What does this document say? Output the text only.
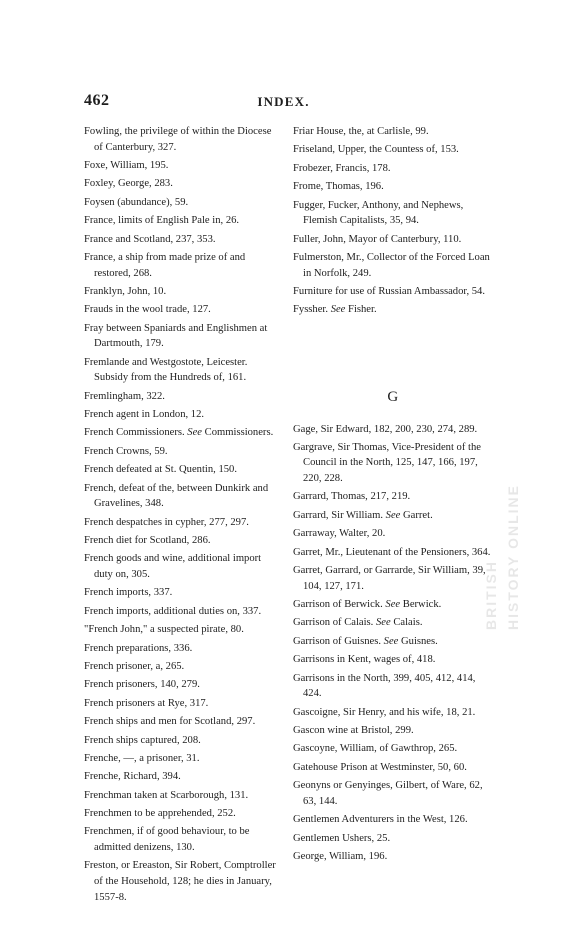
462	INDEX.
Fowling, the privilege of within the Diocese of Canterbury, 327.
Foxe, William, 195.
Foxley, George, 283.
Foysen (abundance), 59.
France, limits of English Pale in, 26.
France and Scotland, 237, 353.
France, a ship from made prize of and restored, 268.
Franklyn, John, 10.
Frauds in the wool trade, 127.
Fray between Spaniards and Englishmen at Dartmouth, 179.
Fremlande and Westgostote, Leicester. Subsidy from the Hundreds of, 161.
Fremlingham, 322.
French agent in London, 12.
French Commissioners. See Commissioners.
French Crowns, 59.
French defeated at St. Quentin, 150.
French, defeat of the, between Dunkirk and Gravelines, 348.
French despatches in cypher, 277, 297.
French diet for Scotland, 286.
French goods and wine, additional import duty on, 305.
French imports, 337.
French imports, additional duties on, 337.
"French John," a suspected pirate, 80.
French preparations, 336.
French prisoner, a, 265.
French prisoners, 140, 279.
French prisoners at Rye, 317.
French ships and men for Scotland, 297.
French ships captured, 208.
Frenche, —, a prisoner, 31.
Frenche, Richard, 394.
Frenchman taken at Scarborough, 131.
Frenchmen to be apprehended, 252.
Frenchmen, if of good behaviour, to be admitted denizens, 130.
Freston, or Ereaston, Sir Robert, Comptroller of the Household, 128; he dies in January, 1557-8.
Friar House, the, at Carlisle, 99.
Friseland, Upper, the Countess of, 153.
Frobezer, Francis, 178.
Frome, Thomas, 196.
Fugger, Fucker, Anthony, and Nephews, Flemish Capitalists, 35, 94.
Fuller, John, Mayor of Canterbury, 110.
Fulmerston, Mr., Collector of the Forced Loan in Norfolk, 249.
Furniture for use of Russian Ambassador, 54.
Fyssher. See Fisher.
G
Gage, Sir Edward, 182, 200, 230, 274, 289.
Gargrave, Sir Thomas, Vice-President of the Council in the North, 125, 147, 166, 197, 220, 228.
Garrard, Thomas, 217, 219.
Garrard, Sir William. See Garret.
Garraway, Walter, 20.
Garret, Mr., Lieutenant of the Pensioners, 364.
Garret, Garrard, or Garrarde, Sir William, 39, 104, 127, 171.
Garrison of Berwick. See Berwick.
Garrison of Calais. See Calais.
Garrison of Guisnes. See Guisnes.
Garrisons in Kent, wages of, 418.
Garrisons in the North, 399, 405, 412, 414, 424.
Gascoigne, Sir Henry, and his wife, 18, 21.
Gascon wine at Bristol, 299.
Gascoyne, William, of Gawthrop, 265.
Gatehouse Prison at Westminster, 50, 60.
Geonyns or Genyinges, Gilbert, of Ware, 62, 63, 144.
Gentlemen Adventurers in the West, 126.
Gentlemen Ushers, 25.
George, William, 196.
BRITISH HISTORY ONLINE
